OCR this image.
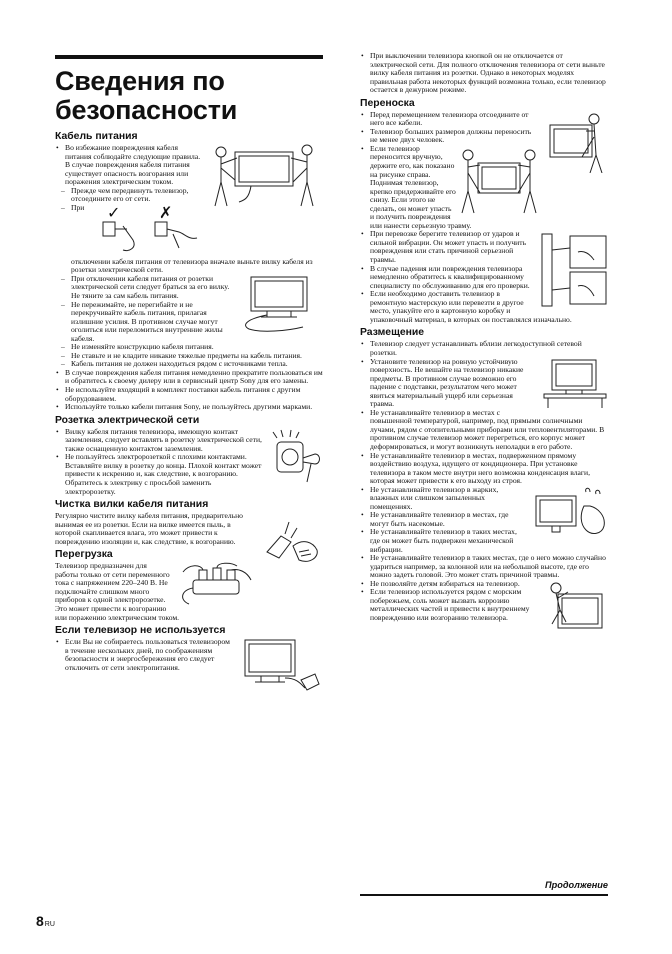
Сведения по безопасности
Кабель питания
• Во избежание повреждения кабеля питания соблюдайте следующие правила. В случае повреждения кабеля питания существует опасность возгорания или поражения электрическим током.
– Прежде чем передвинуть телевизор, отсоедините его от сети.
– ✓ ✗
При отключении кабеля питания от телевизора вначале выньте вилку кабеля из розетки электрической сети.
– При отключении кабеля питания от розетки электрической сети следует браться за его вилку. Не тяните за сам кабель питания.
– Не пережимайте, не перегибайте и не перекручивайте кабель питания, прилагая излишние усилия. В противном случае могут оголиться или переломиться внутренние жилы кабеля.
– Не изменяйте конструкцию кабеля питания.
– Не ставьте и не кладите никакие тяжелые предметы на кабель питания.
– Кабель питания не должен находиться рядом с источниками тепла.
• В случае повреждения кабеля питания немедленно прекратите пользоваться им и обратитесь к своему дилеру или в сервисный центр Sony для его замены.
• Не используйте входящий в комплект поставки кабель питания с другим оборудованием.
• Используйте только кабели питания Sony, не пользуйтесь другими марками.
Розетка электрической сети
• Вилку кабеля питания телевизора, имеющую контакт заземления, следует вставлять в розетку электрической сети, также оснащенную контактом заземления.
• Не пользуйтесь электророзеткой с плохими контактами. Вставляйте вилку в розетку до конца. Плохой контакт может привести к искрению и, как следствие, к возгоранию. Обратитесь к электрику с просьбой заменить электророзетку.
Чистка вилки кабеля питания

Регулярно чистите вилку кабеля питания, предварительно вынимая ее из розетки. Если на вилке имеется пыль, в которой скапливается влага, это может привести к повреждению изоляции и, как следствие, к возгоранию.

Перегрузка

Телевизор предназначен для работы только от сети переменного тока с напряжением 220–240 В. Не подключайте слишком много приборов к одной электророзетке. Это может привести к возгоранию или поражению электрическим током.

Если телевизор не используется
• Если Вы не собираетесь пользоваться телевизором в течение нескольких дней, по соображениям безопасности и энергосбережения его следует отключить от сети электропитания.
• При выключении телевизора кнопкой он не отключается от электрической сети. Для полного отключения телевизора от сети выньте вилку кабеля питания из розетки. Однако в некоторых моделях правильная работа некоторых функций возможна только, если телевизор остается в дежурном режиме.
Переноска
• Перед перемещением телевизора отсоедините от него все кабели.
• Телевизор больших размеров должны переносить не менее двух человек.
• Если телевизор переносится вручную, держите его, как показано на рисунке справа. Поднимая телевизор, крепко придерживайте его снизу. Если этого не сделать, он может упасть и получить повреждения или нанести серьезную травму.
• При перевозке берегите телевизор от ударов и сильной вибрации. Он может упасть и получить повреждения или стать причиной серьезной травмы.
• В случае падения или повреждения телевизора немедленно обратитесь к квалифицированному специалисту по обслуживанию для его проверки.
• Если необходимо доставить телевизор в ремонтную мастерскую или перевезти в другое место, упакуйте его в картонную коробку и упаковочный материал, в которых он поставлялся изначально.
Размещение
• Телевизор следует устанавливать вблизи легкодоступной сетевой розетки.
• Установите телевизор на ровную устойчивую поверхность. Не вешайте на телевизор никакие предметы. В противном случае возможно его падение с подставки, результатом чего может явиться материальный ущерб или серьезная травма.
• Не устанавливайте телевизор в местах с повышенной температурой, например, под прямыми солнечными лучами, рядом с отопительными приборами или тепловентиляторами. В противном случае телевизор может перегреться, его корпус может деформироваться, и могут возникнуть неполадки в его работе.
• Не устанавливайте телевизор в местах, подверженном прямому воздействию воздуха, идущего от кондиционера. При установке телевизора в таком месте внутри него возможна конденсация влаги, которая может привести к его выходу из строя.
• Не устанавливайте телевизор в жарких, влажных или слишком запыленных помещениях.
• Не устанавливайте телевизор в местах, где могут быть насекомые.
• Не устанавливайте телевизор в таких местах, где он может быть подвержен механической вибрации.
• Не устанавливайте телевизор в таких местах, где о него можно случайно удариться например, за колонной или на небольшой высоте, где его можно задеть головой. Это может стать причиной травмы.
• Не позволяйте детям взбираться на телевизор.
• Если телевизор используется рядом с морским побережьем, соль может вызвать коррозию металлических частей и привести к внутреннему повреждению или возгоранию телевизора.
Продолжение
8RU
